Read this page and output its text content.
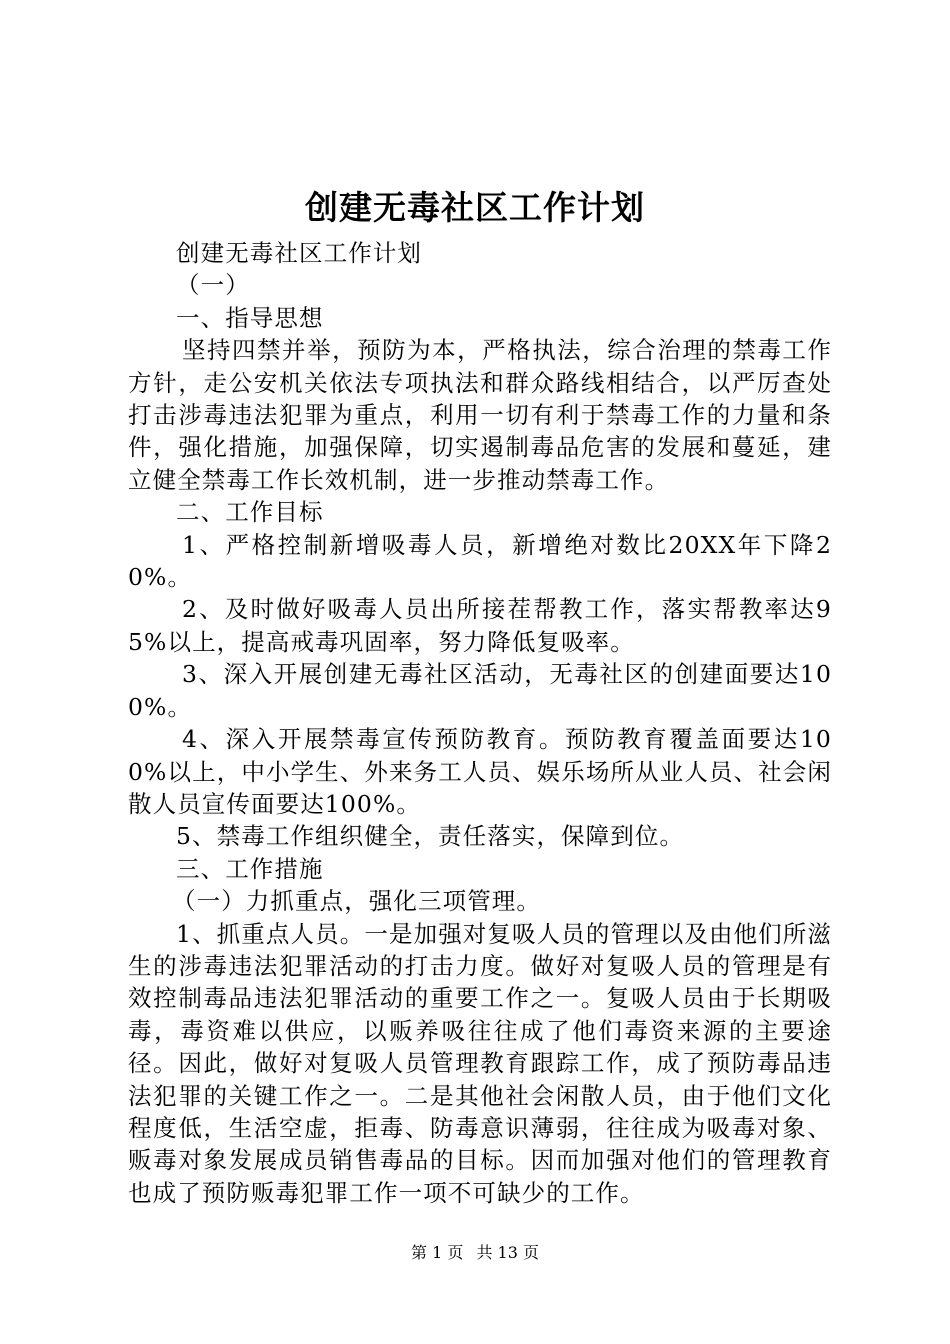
创建无毒社区工作计划

创建无毒社区工作计划

（一）

一、指导思想

坚持四禁并举，预防为本，严格执法，综合治理的禁毒工作方针，走公安机关依法专项执法和群众路线相结合，以严厉查处打击涉毒违法犯罪为重点，利用一切有利于禁毒工作的力量和条件，强化措施，加强保障，切实遏制毒品危害的发展和蔓延，建立健全禁毒工作长效机制，进一步推动禁毒工作。

二、工作目标

1、严格控制新增吸毒人员，新增绝对数比20XX年下降20%。

2、及时做好吸毒人员出所接茬帮教工作，落实帮教率达95%以上，提高戒毒巩固率，努力降低复吸率。

3、深入开展创建无毒社区活动，无毒社区的创建面要达100%。

4、深入开展禁毒宣传预防教育。预防教育覆盖面要达100%以上，中小学生、外来务工人员、娱乐场所从业人员、社会闲散人员宣传面要达100%。

5、禁毒工作组织健全，责任落实，保障到位。

三、工作措施

（一）力抓重点，强化三项管理。

1、抓重点人员。一是加强对复吸人员的管理以及由他们所滋生的涉毒违法犯罪活动的打击力度。做好对复吸人员的管理是有效控制毒品违法犯罪活动的重要工作之一。复吸人员由于长期吸毒，毒资难以供应，以贩养吸往往成了他们毒资来源的主要途径。因此，做好对复吸人员管理教育跟踪工作，成了预防毒品违法犯罪的关键工作之一。二是其他社会闲散人员，由于他们文化程度低，生活空虚，拒毒、防毒意识薄弱，往往成为吸毒对象、贩毒对象发展成员销售毒品的目标。因而加强对他们的管理教育也成了预防贩毒犯罪工作一项不可缺少的工作。

第 1 页 共 13 页
